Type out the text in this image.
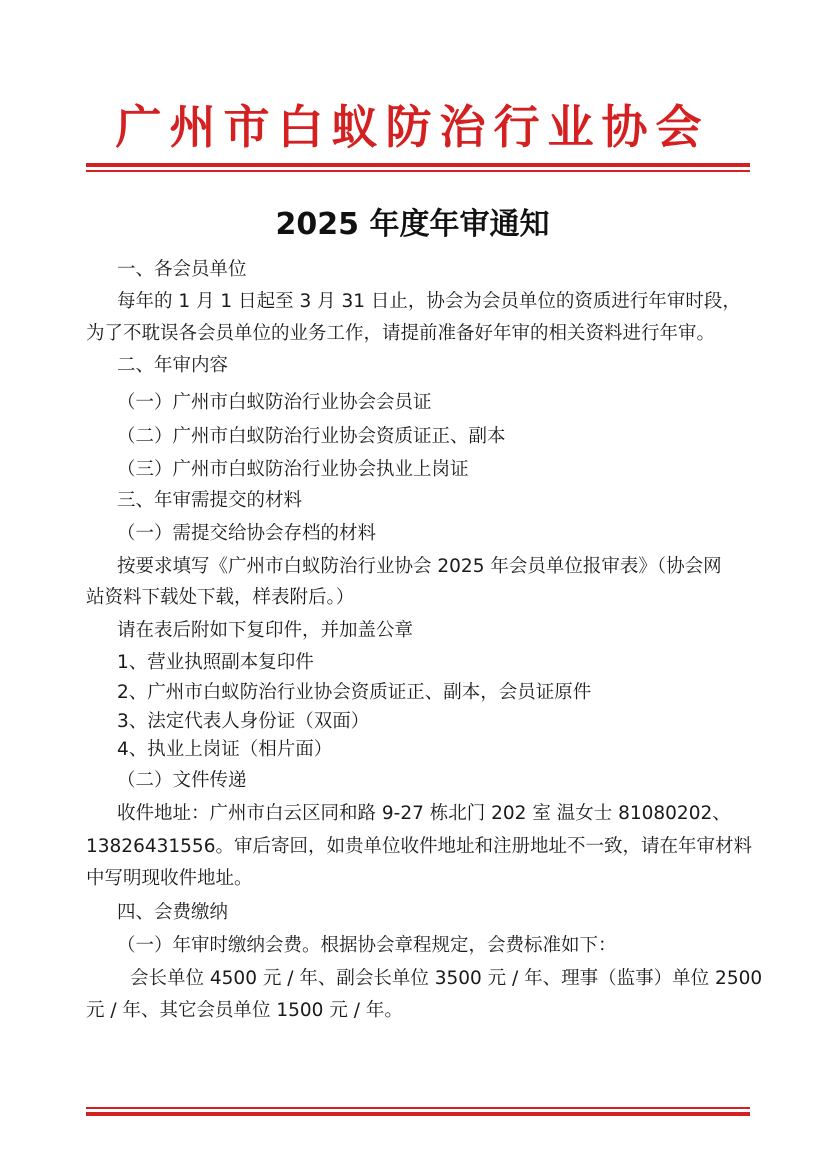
广州市白蚁防治行业协会
2025 年度年审通知
一、各会员单位
每年的 1 月 1 日起至 3 月 31 日止，协会为会员单位的资质进行年审时段，
为了不耽误各会员单位的业务工作，请提前准备好年审的相关资料进行年审。
二、年审内容
（一）广州市白蚁防治行业协会会员证
（二）广州市白蚁防治行业协会资质证正、副本
（三）广州市白蚁防治行业协会执业上岗证
三、年审需提交的材料
（一）需提交给协会存档的材料
按要求填写《广州市白蚁防治行业协会 2025 年会员单位报审表》（协会网
站资料下载处下载，样表附后。）
请在表后附如下复印件，并加盖公章
1、营业执照副本复印件
2、广州市白蚁防治行业协会资质证正、副本，会员证原件
3、法定代表人身份证（双面）
4、执业上岗证（相片面）
（二）文件传递
收件地址：广州市白云区同和路 9-27 栋北门 202 室 温女士 81080202、
13826431556。审后寄回，如贵单位收件地址和注册地址不一致，请在年审材料
中写明现收件地址。
四、会费缴纳
（一）年审时缴纳会费。根据协会章程规定，会费标准如下：
会长单位 4500 元 / 年、副会长单位 3500 元 / 年、理事（监事）单位 2500
元 / 年、其它会员单位 1500 元 / 年。
